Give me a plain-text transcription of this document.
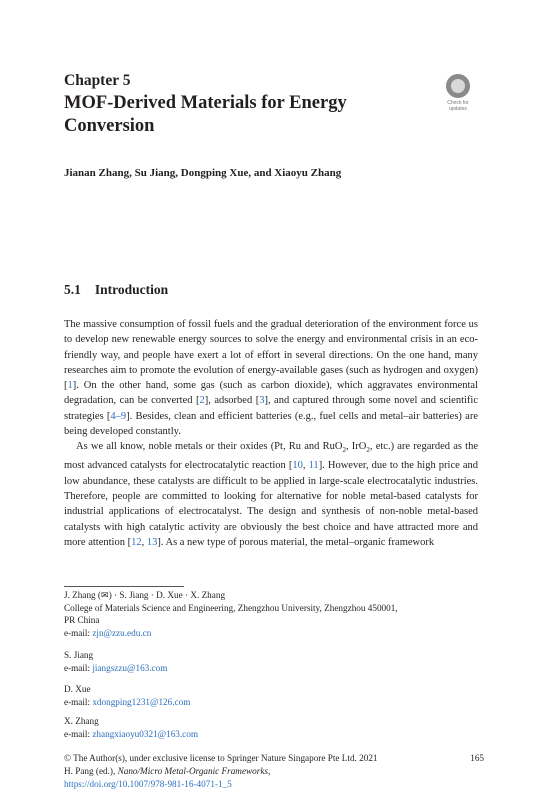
Chapter 5
MOF-Derived Materials for Energy
Conversion
Check for
updates
Jianan Zhang, Su Jiang, Dongping Xue, and Xiaoyu Zhang
5.1 Introduction
The massive consumption of fossil fuels and the gradual deterioration of the environment force us to develop new renewable energy sources to solve the energy and environmental crisis in an eco-friendly way, and people have exert a lot of effort in several directions. On the one hand, many researches aim to promote the evolution of energy-available gases (such as hydrogen and oxygen) [1]. On the other hand, some gas (such as carbon dioxide), which aggravates environmental degradation, can be converted [2], adsorbed [3], and captured through some novel and scientific strategies [4–9]. Besides, clean and efficient batteries (e.g., fuel cells and metal–air batteries) are being developed constantly.
As we all know, noble metals or their oxides (Pt, Ru and RuO$_2$, IrO$_2$, etc.) are regarded as the most advanced catalysts for electrocatalytic reaction [10, 11]. However, due to the high price and low abundance, these catalysts are difficult to be applied in large-scale electrocatalytic industries. Therefore, people are committed to looking for alternative for noble metal-based catalysts for industrial applications of electrocatalyst. The design and synthesis of non-noble metal-based catalysts with high catalytic activity are obviously the best choice and have attracted more and more attention [12, 13]. As a new type of porous material, the metal–organic framework
J. Zhang (✉) · S. Jiang · D. Xue · X. Zhang
College of Materials Science and Engineering, Zhengzhou University, Zhengzhou 450001,
PR China
e-mail: zjn@zzu.edu.cn
S. Jiang
e-mail: jiangszzu@163.com
D. Xue
e-mail: xdongping1231@126.com
X. Zhang
e-mail: zhangxiaoyu0321@163.com
© The Author(s), under exclusive license to Springer Nature Singapore Pte Ltd. 2021
H. Pang (ed.), Nano/Micro Metal-Organic Frameworks,
https://doi.org/10.1007/978-981-16-4071-1_5
165
